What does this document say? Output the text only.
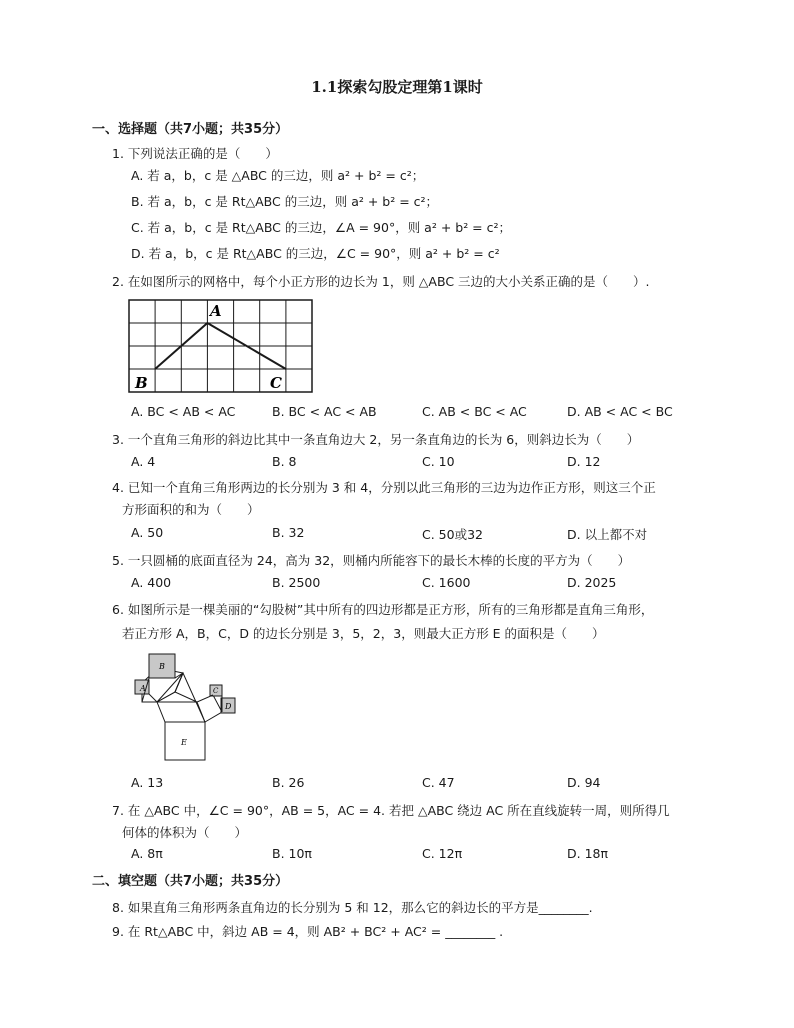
1.1探索勾股定理第1课时
一、选择题（共7小题；共35分）
1. 下列说法正确的是（　　）
A. 若 a，b，c 是 △ABC 的三边，则 a² + b² = c²；
B. 若 a，b，c 是 Rt△ABC 的三边，则 a² + b² = c²；
C. 若 a，b，c 是 Rt△ABC 的三边，∠A = 90°，则 a² + b² = c²；
D. 若 a，b，c 是 Rt△ABC 的三边，∠C = 90°，则 a² + b² = c²
2. 在如图所示的网格中，每个小正方形的边长为 1，则 △ABC 三边的大小关系正确的是（　　）.
A
B	C
A. BC < AB < AC	B. BC < AC < AB	C. AB < BC < AC	D. AB < AC < BC
3. 一个直角三角形的斜边比其中一条直角边大 2，另一条直角边的长为 6，则斜边长为（　　）
A. 4	B. 8	C. 10	D. 12
4. 已知一个直角三角形两边的长分别为 3 和 4，分别以此三角形的三边为边作正方形，则这三个正
方形面积的和为（　　）
A. 50	B. 32	C. 50或32	D. 以上都不对
5. 一只圆桶的底面直径为 24，高为 32，则桶内所能容下的最长木棒的长度的平方为（　　）
A. 400	B. 2500	C. 1600	D. 2025
6. 如图所示是一棵美丽的“勾股树”其中所有的四边形都是正方形，所有的三角形都是直角三角形，
若正方形 A，B，C，D 的边长分别是 3，5，2，3，则最大正方形 E 的面积是（　　）
A
B
C
D
E
A. 13	B. 26	C. 47	D. 94
7. 在 △ABC 中，∠C = 90°，AB = 5，AC = 4. 若把 △ABC 绕边 AC 所在直线旋转一周，则所得几
何体的体积为（　　）
A. 8π	B. 10π	C. 12π	D. 18π
二、填空题（共7小题；共35分）
8. 如果直角三角形两条直角边的长分别为 5 和 12，那么它的斜边长的平方是________.
9. 在 Rt△ABC 中，斜边 AB = 4，则 AB² + BC² + AC² = ________ .
